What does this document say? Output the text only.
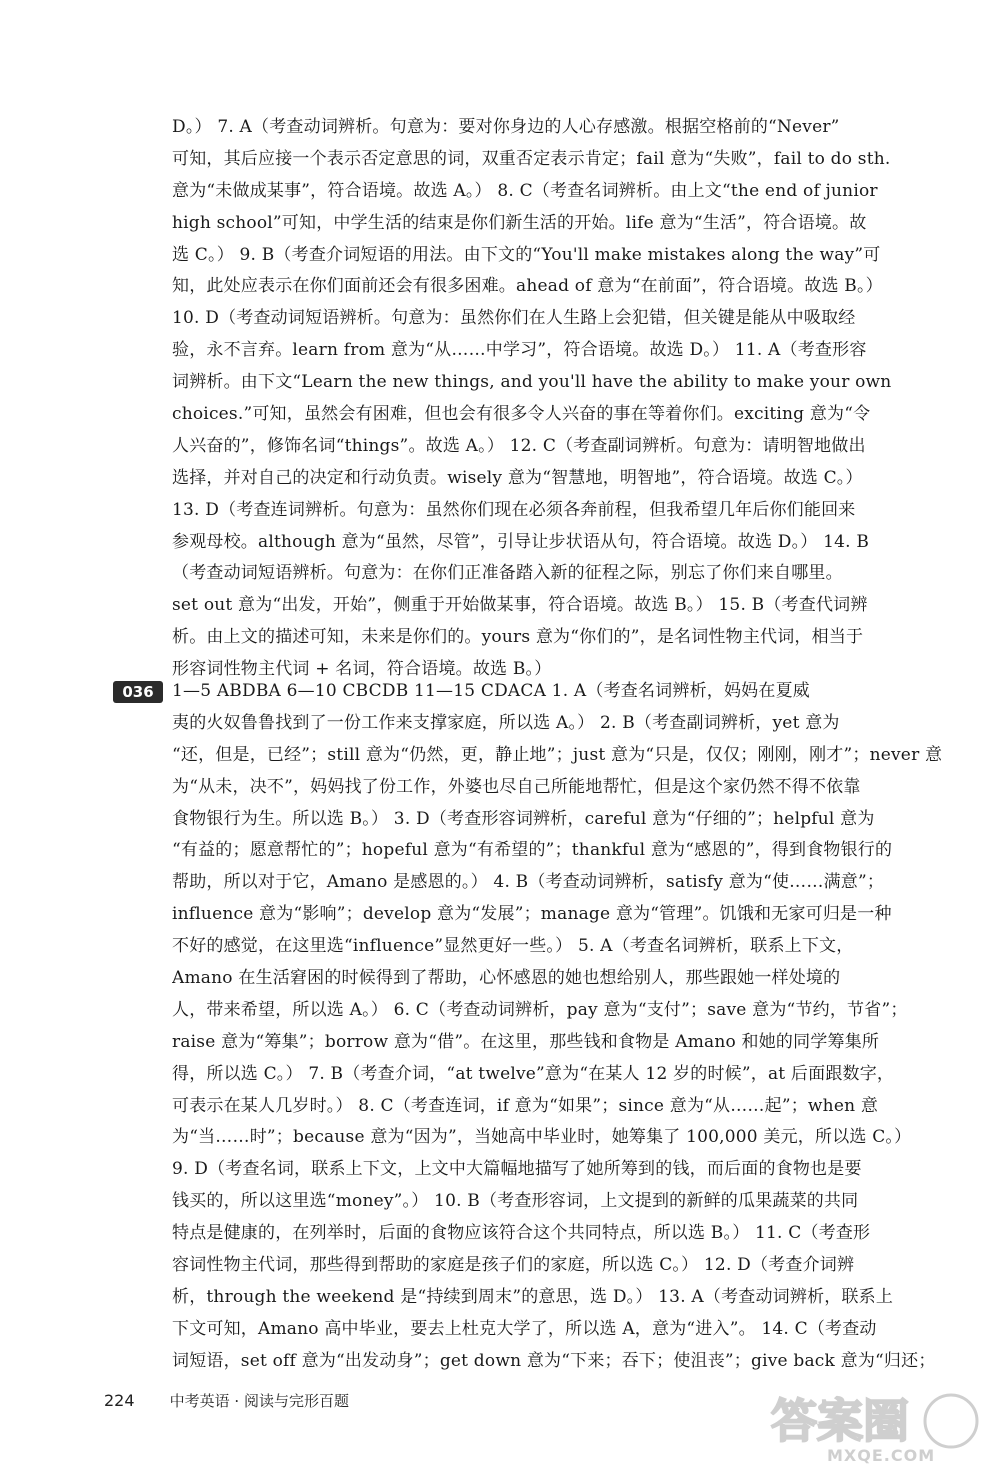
D。） 7. A（考查动词辨析。句意为：要对你身边的人心存感激。根据空格前的“Never”
可知，其后应接一个表示否定意思的词，双重否定表示肯定；fail 意为“失败”，fail to do sth.
意为“未做成某事”，符合语境。故选 A。） 8. C（考查名词辨析。由上文“the end of junior
high school”可知，中学生活的结束是你们新生活的开始。life 意为“生活”，符合语境。故
选 C。） 9. B（考查介词短语的用法。由下文的“You'll make mistakes along the way”可
知，此处应表示在你们面前还会有很多困难。ahead of 意为“在前面”，符合语境。故选 B。）
10. D（考查动词短语辨析。句意为：虽然你们在人生路上会犯错，但关键是能从中吸取经
验，永不言弃。learn from 意为“从……中学习”，符合语境。故选 D。） 11. A（考查形容
词辨析。由下文“Learn the new things, and you'll have the ability to make your own
choices.”可知，虽然会有困难，但也会有很多令人兴奋的事在等着你们。exciting 意为“令
人兴奋的”，修饰名词“things”。故选 A。） 12. C（考查副词辨析。句意为：请明智地做出
选择，并对自己的决定和行动负责。wisely 意为“智慧地，明智地”，符合语境。故选 C。）
13. D（考查连词辨析。句意为：虽然你们现在必须各奔前程，但我希望几年后你们能回来
参观母校。although 意为“虽然，尽管”，引导让步状语从句，符合语境。故选 D。） 14. B
（考查动词短语辨析。句意为：在你们正准备踏入新的征程之际，别忘了你们来自哪里。
set out 意为“出发，开始”，侧重于开始做某事，符合语境。故选 B。） 15. B（考查代词辨
析。由上文的描述可知，未来是你们的。yours 意为“你们的”，是名词性物主代词，相当于
形容词性物主代词 + 名词，符合语境。故选 B。）
036	1—5 ABDBA 6—10 CBCDB 11—15 CDACA 1. A（考查名词辨析，妈妈在夏威
夷的火奴鲁鲁找到了一份工作来支撑家庭，所以选 A。） 2. B（考查副词辨析，yet 意为
“还，但是，已经”；still 意为“仍然，更，静止地”；just 意为“只是，仅仅；刚刚，刚才”；never 意
为“从未，决不”，妈妈找了份工作，外婆也尽自己所能地帮忙，但是这个家仍然不得不依靠
食物银行为生。所以选 B。） 3. D（考查形容词辨析，careful 意为“仔细的”；helpful 意为
“有益的；愿意帮忙的”；hopeful 意为“有希望的”；thankful 意为“感恩的”，得到食物银行的
帮助，所以对于它，Amano 是感恩的。） 4. B（考查动词辨析，satisfy 意为“使……满意”；
influence 意为“影响”；develop 意为“发展”；manage 意为“管理”。饥饿和无家可归是一种
不好的感觉，在这里选“influence”显然更好一些。） 5. A（考查名词辨析，联系上下文，
Amano 在生活窘困的时候得到了帮助，心怀感恩的她也想给别人，那些跟她一样处境的
人，带来希望，所以选 A。） 6. C（考查动词辨析，pay 意为“支付”；save 意为“节约，节省”；
raise 意为“筹集”；borrow 意为“借”。在这里，那些钱和食物是 Amano 和她的同学筹集所
得，所以选 C。） 7. B（考查介词，“at twelve”意为“在某人 12 岁的时候”，at 后面跟数字，
可表示在某人几岁时。） 8. C（考查连词，if 意为“如果”；since 意为“从……起”；when 意
为“当……时”；because 意为“因为”，当她高中毕业时，她筹集了 100,000 美元，所以选 C。）
9. D（考查名词，联系上下文，上文中大篇幅地描写了她所筹到的钱，而后面的食物也是要
钱买的，所以这里选“money”。） 10. B（考查形容词，上文提到的新鲜的瓜果蔬菜的共同
特点是健康的，在列举时，后面的食物应该符合这个共同特点，所以选 B。） 11. C（考查形
容词性物主代词，那些得到帮助的家庭是孩子们的家庭，所以选 C。） 12. D（考查介词辨
析，through the weekend 是“持续到周末”的意思，选 D。） 13. A（考查动词辨析，联系上
下文可知，Amano 高中毕业，要去上杜克大学了，所以选 A，意为“进入”。 14. C（考查动
词短语，set off 意为“出发动身”；get down 意为“下来；吞下；使沮丧”；give back 意为“归还；
224 中考英语 · 阅读与完形百题	答案圈
MXQE.COM
